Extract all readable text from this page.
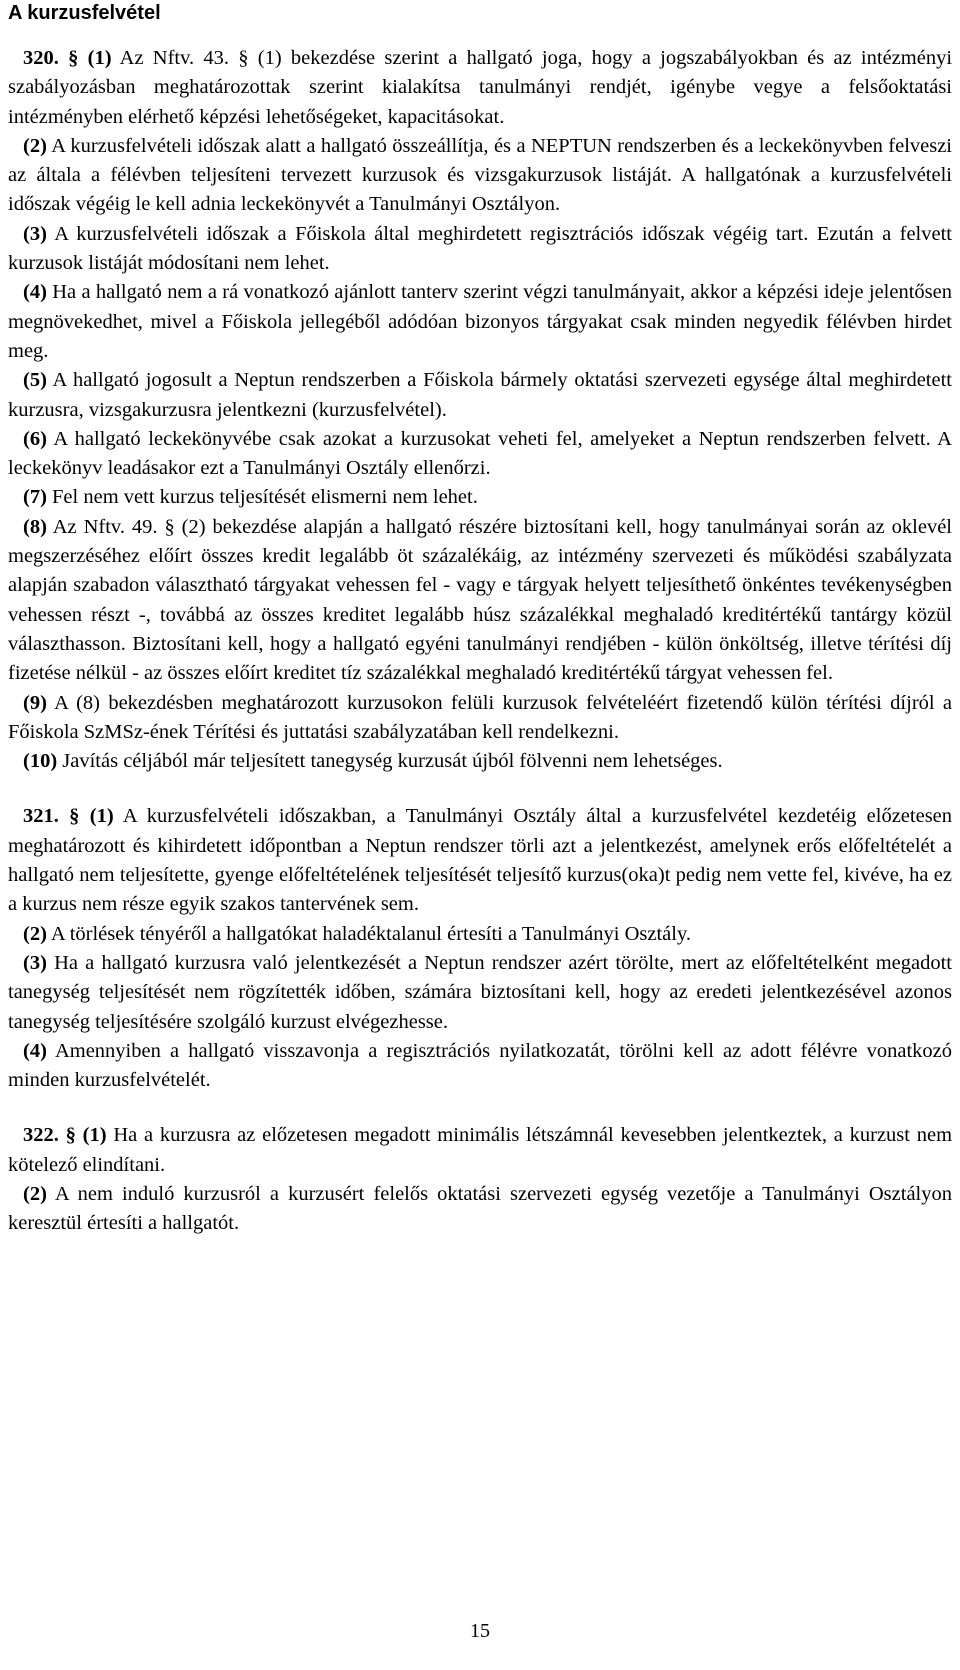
A kurzusfelvétel

320. § (1) Az Nftv. 43. § (1) bekezdése szerint a hallgató joga, hogy a jogszabályokban és az intézményi szabályozásban meghatározottak szerint kialakítsa tanulmányi rendjét, igénybe vegye a felsőoktatási intézményben elérhető képzési lehetőségeket, kapacitásokat.

(2) A kurzusfelvételi időszak alatt a hallgató összeállítja, és a NEPTUN rendszerben és a leckekönyvben felveszi az általa a félévben teljesíteni tervezett kurzusok és vizsgakurzusok listáját. A hallgatónak a kurzusfelvételi időszak végéig le kell adnia leckekönyvét a Tanulmányi Osztályon.

(3) A kurzusfelvételi időszak a Főiskola által meghirdetett regisztrációs időszak végéig tart. Ezután a felvett kurzusok listáját módosítani nem lehet.

(4) Ha a hallgató nem a rá vonatkozó ajánlott tanterv szerint végzi tanulmányait, akkor a képzési ideje jelentősen megnövekedhet, mivel a Főiskola jellegéből adódóan bizonyos tárgyakat csak minden negyedik félévben hirdet meg.

(5) A hallgató jogosult a Neptun rendszerben a Főiskola bármely oktatási szervezeti egysége által meghirdetett kurzusra, vizsgakurzusra jelentkezni (kurzusfelvétel).

(6) A hallgató leckekönyvébe csak azokat a kurzusokat veheti fel, amelyeket a Neptun rendszerben felvett. A leckekönyv leadásakor ezt a Tanulmányi Osztály ellenőrzi.

(7) Fel nem vett kurzus teljesítését elismerni nem lehet.

(8) Az Nftv. 49. § (2) bekezdése alapján a hallgató részére biztosítani kell, hogy tanulmányai során az oklevél megszerzéséhez előírt összes kredit legalább öt százalékáig, az intézmény szervezeti és működési szabályzata alapján szabadon választható tárgyakat vehessen fel - vagy e tárgyak helyett teljesíthető önkéntes tevékenységben vehessen részt -, továbbá az összes kreditet legalább húsz százalékkal meghaladó kreditértékű tantárgy közül választhasson. Biztosítani kell, hogy a hallgató egyéni tanulmányi rendjében - külön önköltség, illetve térítési díj fizetése nélkül - az összes előírt kreditet tíz százalékkal meghaladó kreditértékű tárgyat vehessen fel.

(9) A (8) bekezdésben meghatározott kurzusokon felüli kurzusok felvételéért fizetendő külön térítési díjról a Főiskola SzMSz-ének Térítési és juttatási szabályzatában kell rendelkezni.

(10) Javítás céljából már teljesített tanegység kurzusát újból fölvenni nem lehetséges.

321. § (1) A kurzusfelvételi időszakban, a Tanulmányi Osztály által a kurzusfelvétel kezdetéig előzetesen meghatározott és kihirdetett időpontban a Neptun rendszer törli azt a jelentkezést, amelynek erős előfeltételét a hallgató nem teljesítette, gyenge előfeltételének teljesítését teljesítő kurzus(oka)t pedig nem vette fel, kivéve, ha ez a kurzus nem része egyik szakos tantervének sem.

(2) A törlések tényéről a hallgatókat haladéktalanul értesíti a Tanulmányi Osztály.

(3) Ha a hallgató kurzusra való jelentkezését a Neptun rendszer azért törölte, mert az előfeltételként megadott tanegység teljesítését nem rögzítették időben, számára biztosítani kell, hogy az eredeti jelentkezésével azonos tanegység teljesítésére szolgáló kurzust elvégezhesse.

(4) Amennyiben a hallgató visszavonja a regisztrációs nyilatkozatát, törölni kell az adott félévre vonatkozó minden kurzusfelvételét.

322. § (1) Ha a kurzusra az előzetesen megadott minimális létszámnál kevesebben jelentkeztek, a kurzust nem kötelező elindítani.

(2) A nem induló kurzusról a kurzusért felelős oktatási szervezeti egység vezetője a Tanulmányi Osztályon keresztül értesíti a hallgatót.

15
